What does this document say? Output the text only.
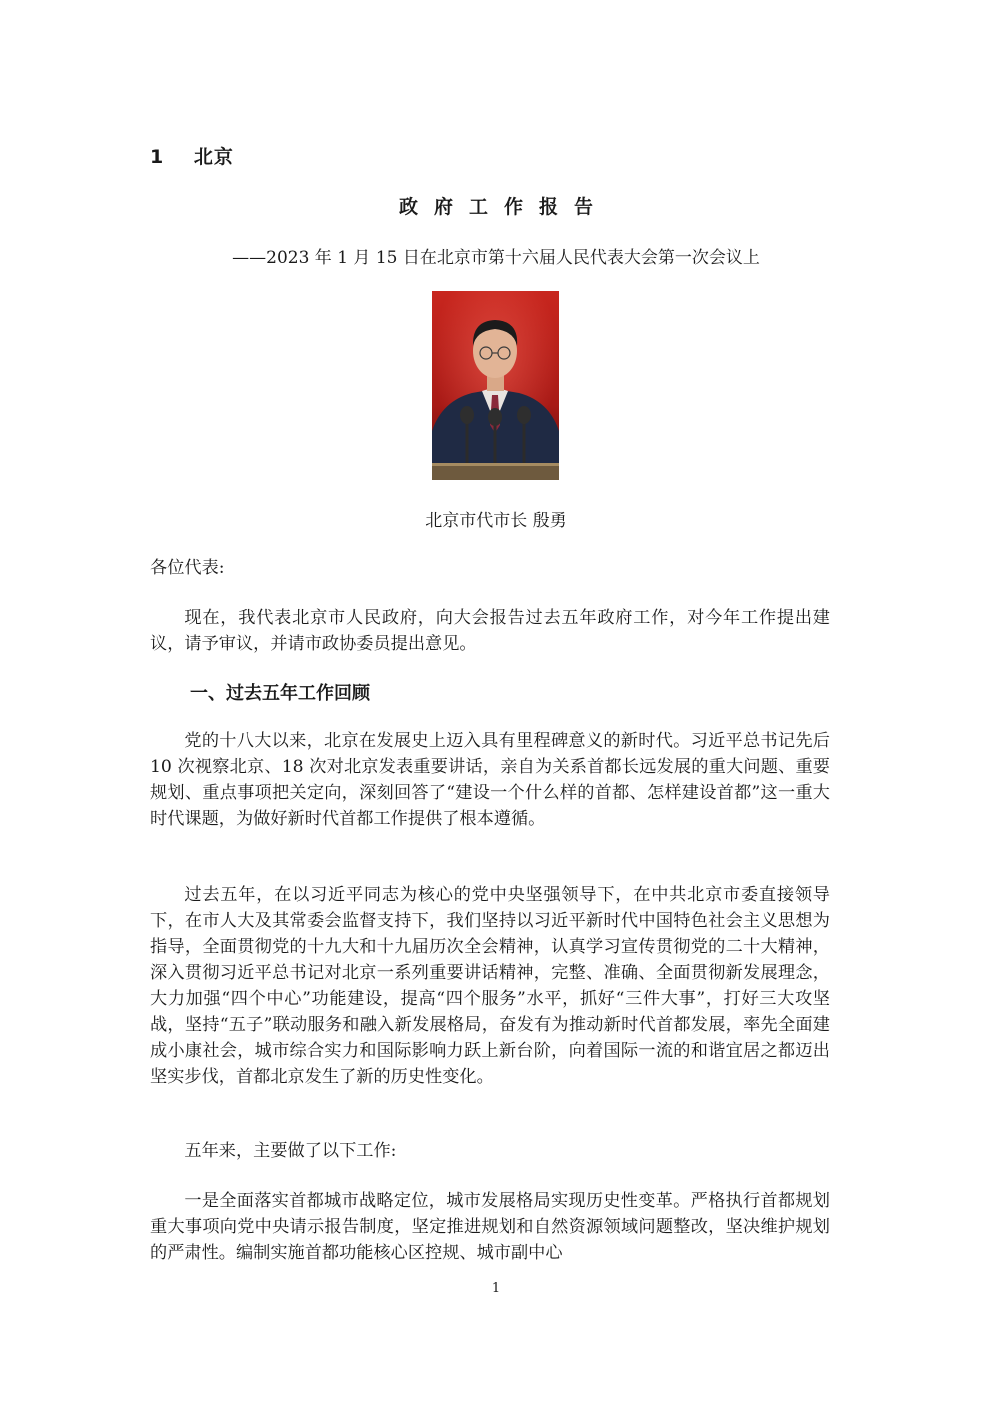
1 北京
政府工作报告
——2023 年 1 月 15 日在北京市第十六届人民代表大会第一次会议上
北京市代市长 殷勇

各位代表:

现在，我代表北京市人民政府，向大会报告过去五年政府工作，对今年工作提出建议，请予审议，并请市政协委员提出意见。

一、过去五年工作回顾

党的十八大以来，北京在发展史上迈入具有里程碑意义的新时代。习近平总书记先后 10 次视察北京、18 次对北京发表重要讲话，亲自为关系首都长远发展的重大问题、重要规划、重点事项把关定向，深刻回答了“建设一个什么样的首都、怎样建设首都”这一重大时代课题，为做好新时代首都工作提供了根本遵循。

过去五年，在以习近平同志为核心的党中央坚强领导下，在中共北京市委直接领导下，在市人大及其常委会监督支持下，我们坚持以习近平新时代中国特色社会主义思想为指导，全面贯彻党的十九大和十九届历次全会精神，认真学习宣传贯彻党的二十大精神，深入贯彻习近平总书记对北京一系列重要讲话精神，完整、准确、全面贯彻新发展理念，大力加强“四个中心”功能建设，提高“四个服务”水平，抓好“三件大事”，打好三大攻坚战，坚持“五子”联动服务和融入新发展格局，奋发有为推动新时代首都发展，率先全面建成小康社会，城市综合实力和国际影响力跃上新台阶，向着国际一流的和谐宜居之都迈出坚实步伐，首都北京发生了新的历史性变化。

五年来，主要做了以下工作:

一是全面落实首都城市战略定位，城市发展格局实现历史性变革。严格执行首都规划重大事项向党中央请示报告制度，坚定推进规划和自然资源领域问题整改，坚决维护规划的严肃性。编制实施首都功能核心区控规、城市副中心

1
